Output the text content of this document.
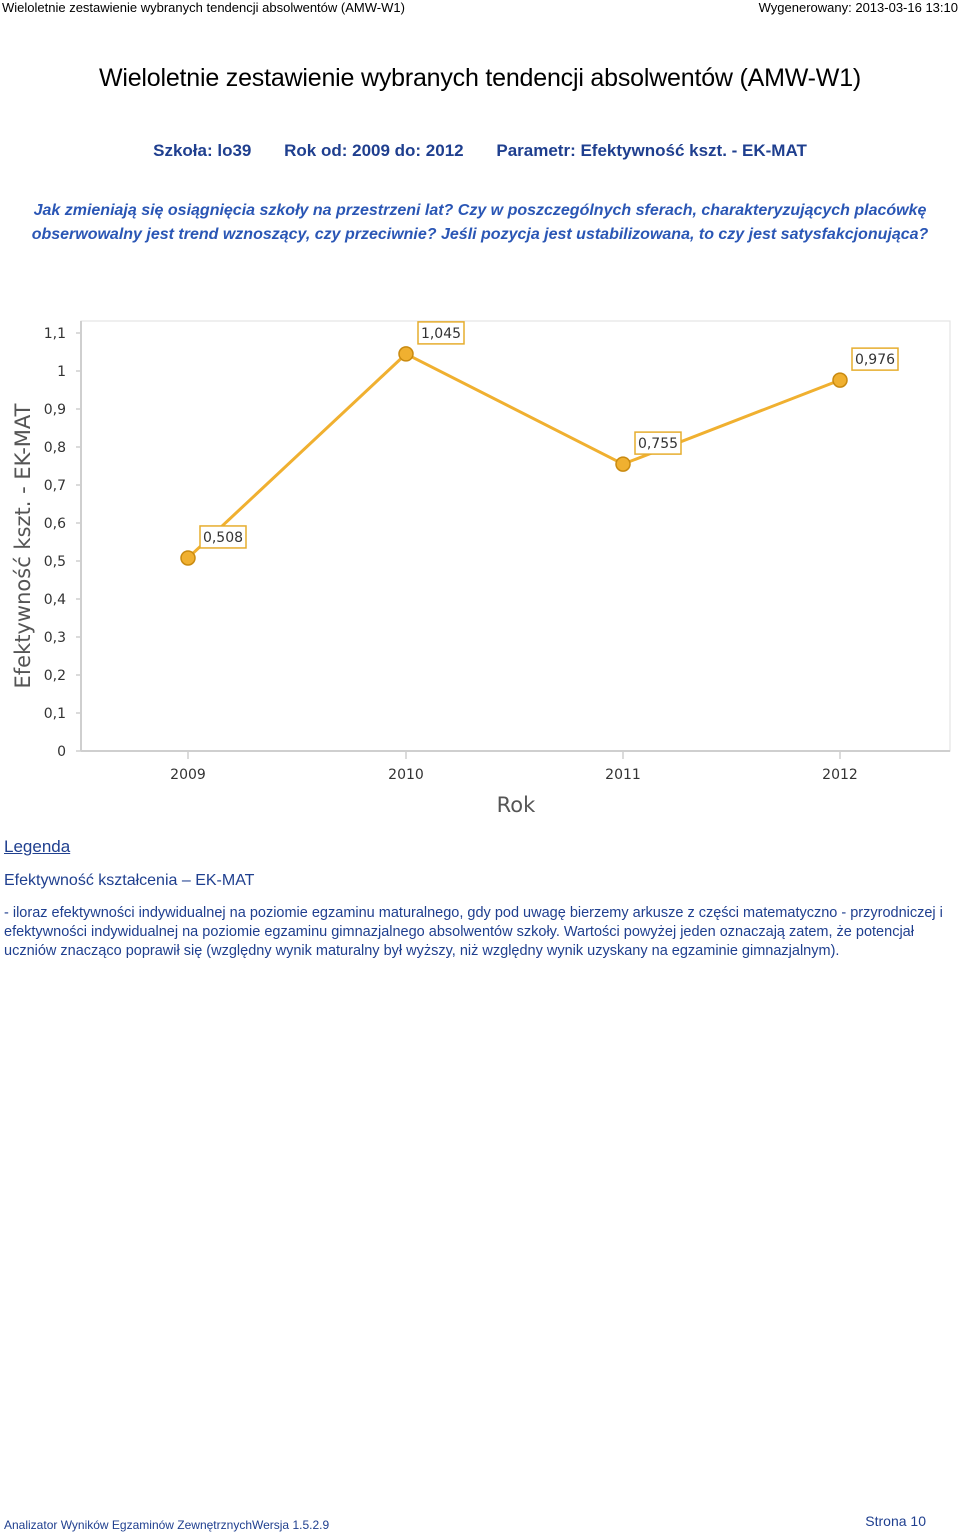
Wieloletnie zestawienie wybranych tendencji absolwentów (AMW-W1)	Wygenerowany: 2013-03-16 13:10
Wieloletnie zestawienie wybranych tendencji absolwentów (AMW-W1)
Szkoła: lo39 Rok od: 2009 do: 2012 Parametr: Efektywność kszt. - EK-MAT
Jak zmieniają się osiągnięcia szkoły na przestrzeni lat? Czy w poszczególnych sferach, charakteryzujących placówkę obserwowalny jest trend wznoszący, czy przeciwnie? Jeśli pozycja jest ustabilizowana, to czy jest satysfakcjonująca?
0
0,1
0,2
0,3
0,4
0,5
0,6
0,7
0,8
0,9
1
1,1
2009	2010	2011	2012
Efektywność kszt. - EK-MAT
Rok
0,508
1,045
0,755
0,976
Legenda
Efektywność kształcenia – EK-MAT
- iloraz efektywności indywidualnej na poziomie egzaminu maturalnego, gdy pod uwagę bierzemy arkusze z części matematyczno - przyrodniczej i efektywności indywidualnej na poziomie egzaminu gimnazjalnego absolwentów szkoły. Wartości powyżej jeden oznaczają zatem, że potencjał uczniów znacząco poprawił się (względny wynik maturalny był wyższy, niż względny wynik uzyskany na egzaminie gimnazjalnym).
Analizator Wyników Egzaminów ZewnętrznychWersja 1.5.2.9	Strona 10
